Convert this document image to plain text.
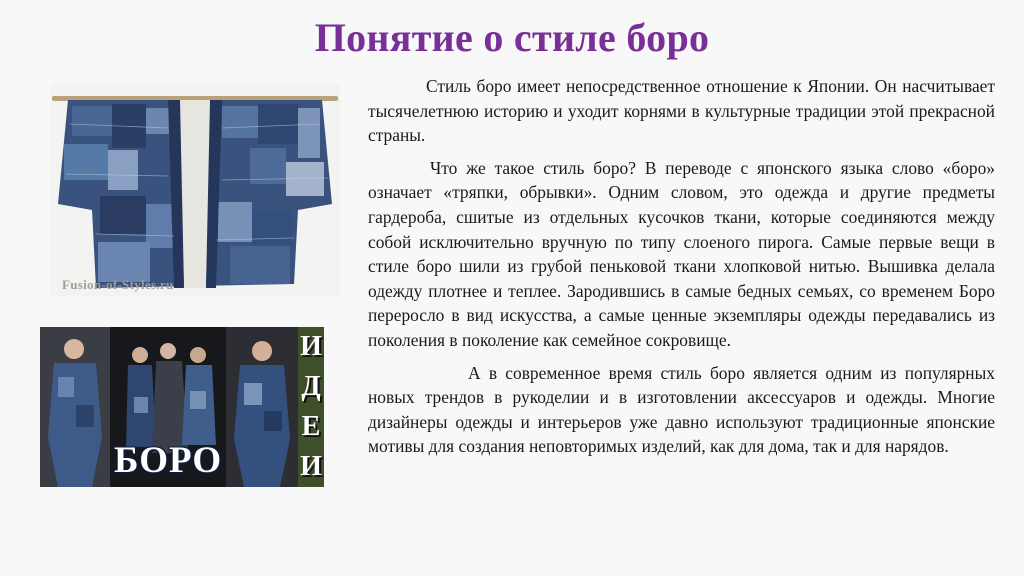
Понятие о стиле боро
Fusion-of-Styles.ru
БОРО
И
Д
Е
И

Стиль боро имеет непосредственное отношение к Японии. Он насчитывает тысячелетнюю историю и уходит корнями в культурные традиции этой прекрасной страны.

Что же такое стиль боро? В переводе с японского языка слово «боро» означает «тряпки, обрывки». Одним словом, это одежда и другие предметы гардероба, сшитые из отдельных кусочков ткани, которые соединяются между собой исключительно вручную по типу слоеного пирога. Самые первые вещи в стиле боро шили из грубой пеньковой ткани хлопковой нитью. Вышивка делала одежду плотнее и теплее. Зародившись в самые бедных семьях, со временем Боро переросло в вид искусства, а самые ценные экземпляры одежды передавались из поколения в поколение как семейное сокровище.

А в современное время стиль боро является одним из популярных новых трендов в рукоделии и в изготовлении аксессуаров и одежды. Многие дизайнеры одежды и интерьеров уже давно используют традиционные японские мотивы для создания неповторимых изделий, как для дома, так и для нарядов.
